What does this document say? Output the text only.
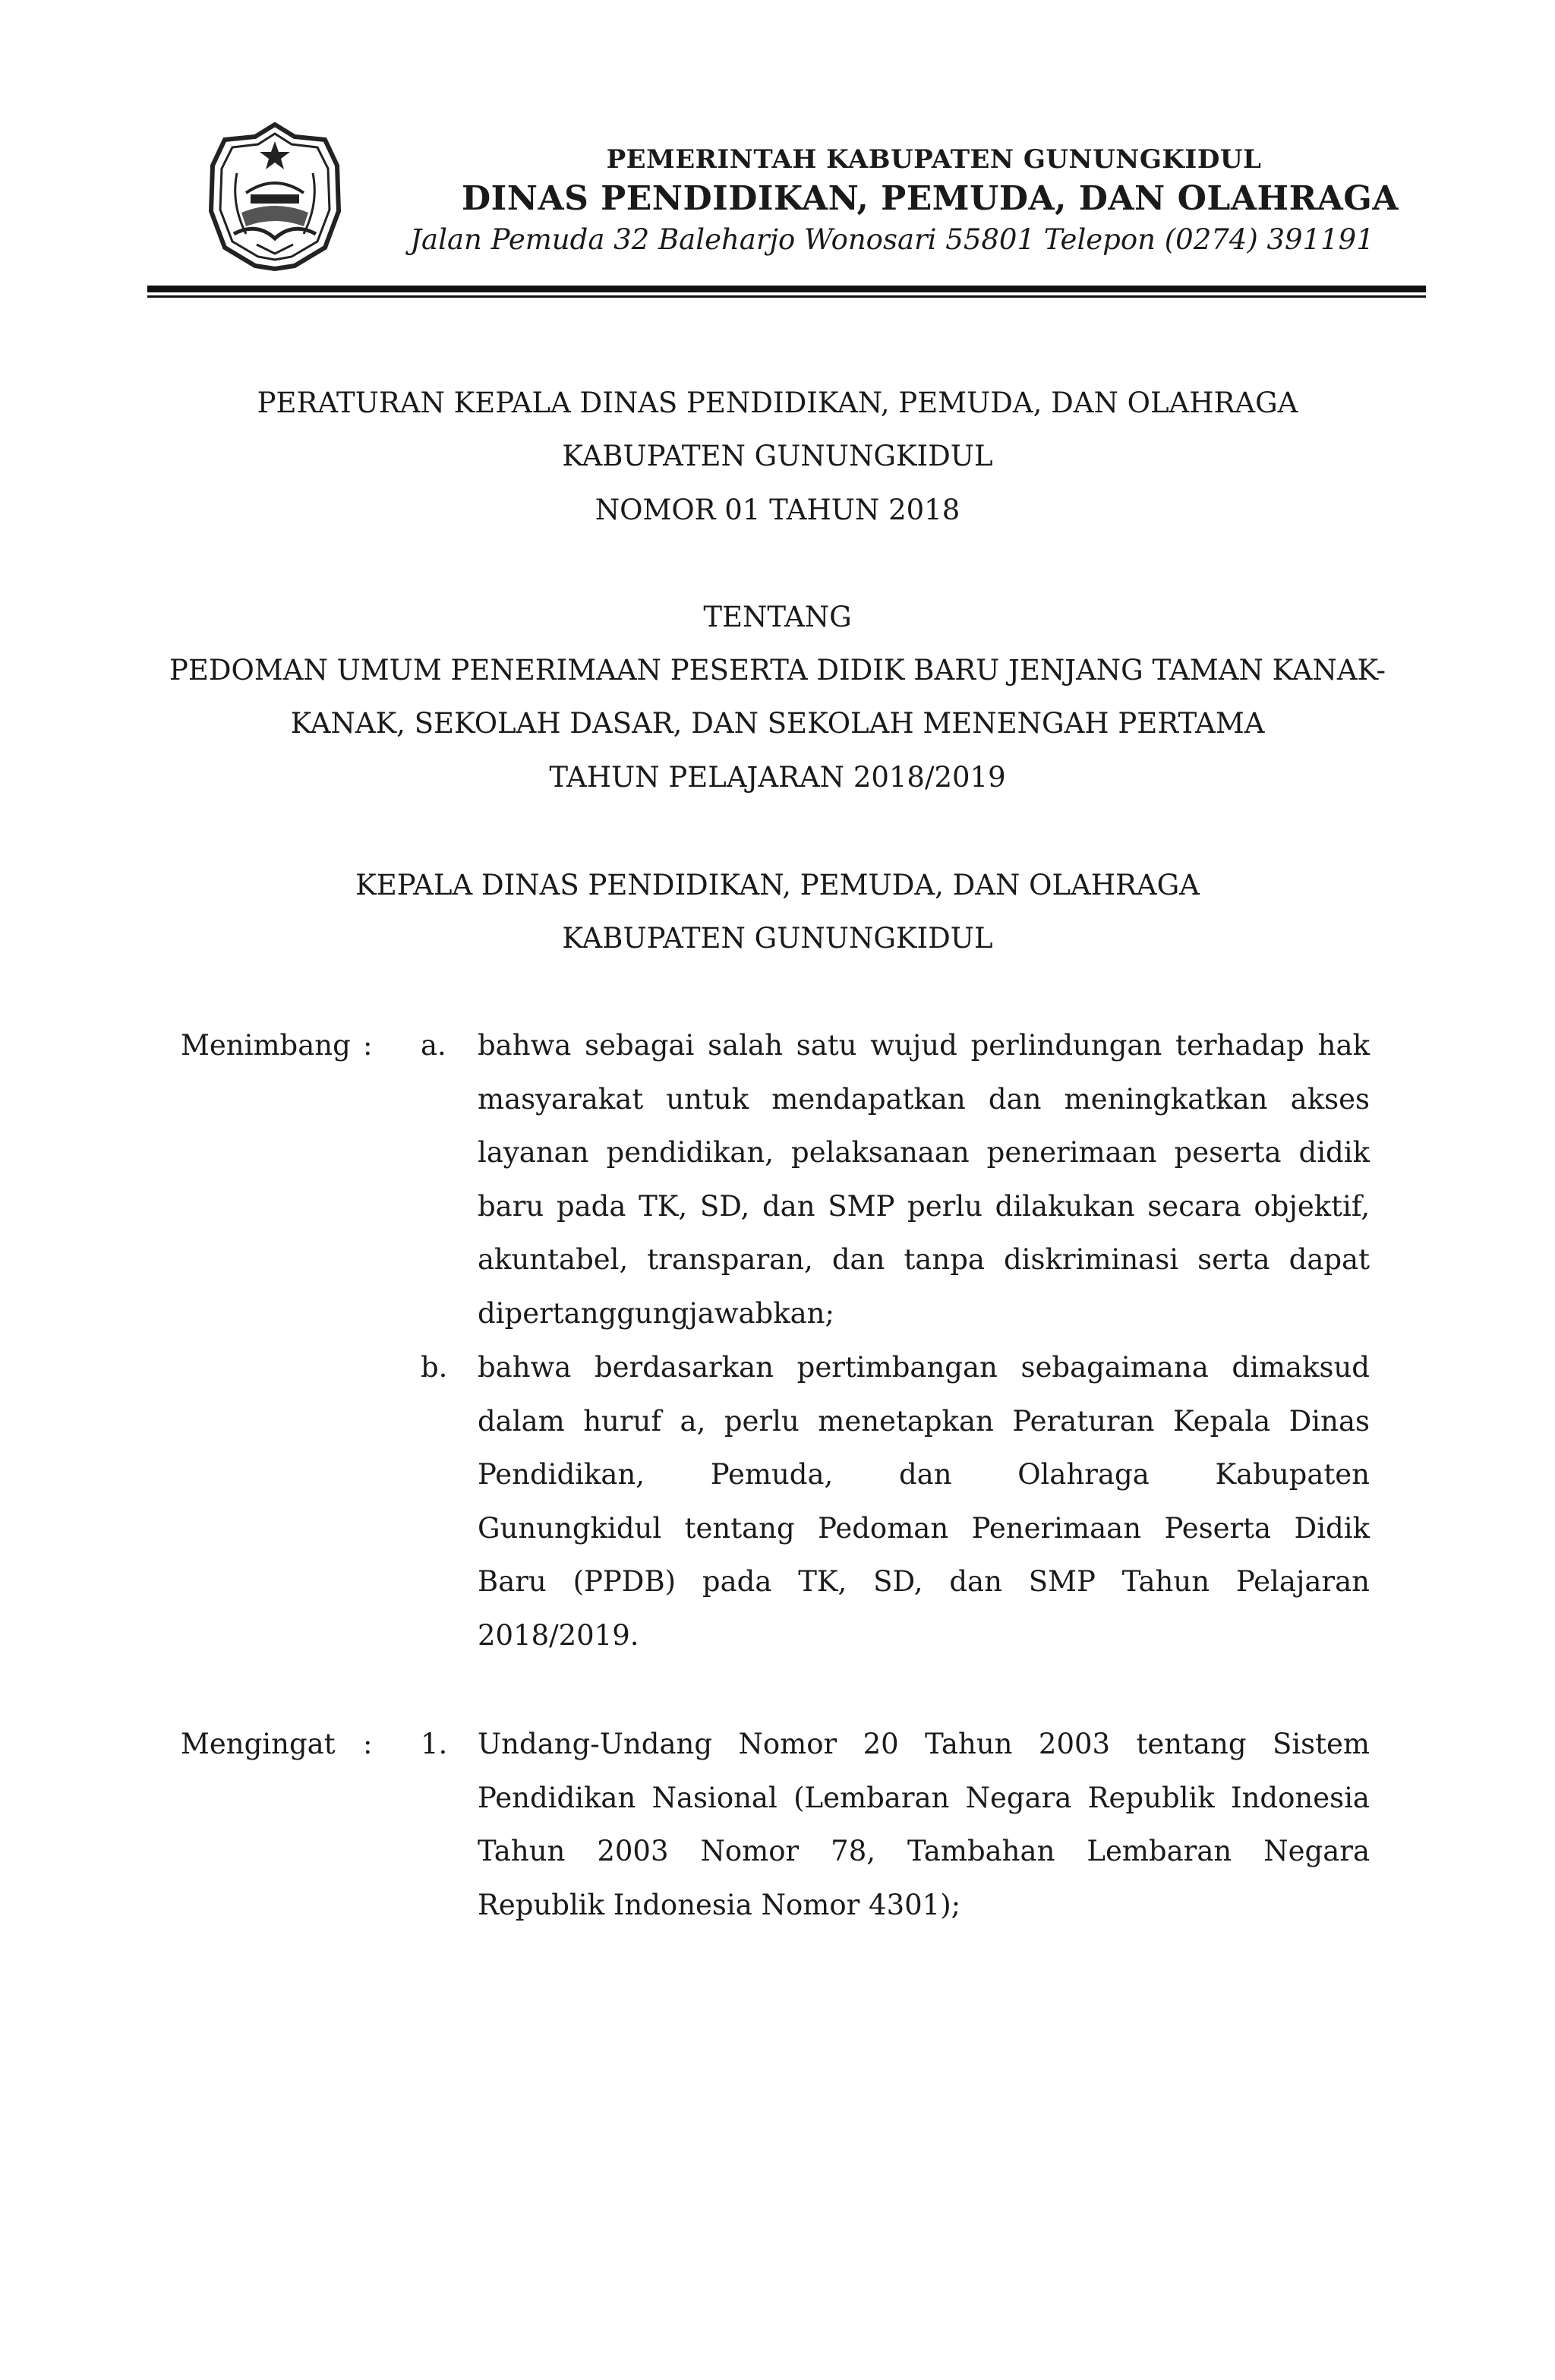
PEMERINTAH KABUPATEN GUNUNGKIDUL
DINAS PENDIDIKAN, PEMUDA, DAN OLAHRAGA
Jalan Pemuda 32 Baleharjo Wonosari 55801 Telepon (0274) 391191
PERATURAN KEPALA DINAS PENDIDIKAN, PEMUDA, DAN OLAHRAGA
KABUPATEN GUNUNGKIDUL
NOMOR 01 TAHUN 2018
TENTANG
PEDOMAN UMUM PENERIMAAN PESERTA DIDIK BARU JENJANG TAMAN KANAK-
KANAK, SEKOLAH DASAR, DAN SEKOLAH MENENGAH PERTAMA
TAHUN PELAJARAN 2018/2019
KEPALA DINAS PENDIDIKAN, PEMUDA, DAN OLAHRAGA
KABUPATEN GUNUNGKIDUL
Menimbang : a. bahwa sebagai salah satu wujud perlindungan terhadap hak
masyarakat untuk mendapatkan dan meningkatkan akses
layanan pendidikan, pelaksanaan penerimaan peserta didik
baru pada TK, SD, dan SMP perlu dilakukan secara objektif,
akuntabel, transparan, dan tanpa diskriminasi serta dapat
dipertanggungjawabkan;
b. bahwa berdasarkan pertimbangan sebagaimana dimaksud
dalam huruf a, perlu menetapkan Peraturan Kepala Dinas
Pendidikan, Pemuda, dan Olahraga Kabupaten
Gunungkidul tentang Pedoman Penerimaan Peserta Didik
Baru (PPDB) pada TK, SD, dan SMP Tahun Pelajaran
2018/2019.
Mengingat : 1. Undang-Undang Nomor 20 Tahun 2003 tentang Sistem
Pendidikan Nasional (Lembaran Negara Republik Indonesia
Tahun 2003 Nomor 78, Tambahan Lembaran Negara
Republik Indonesia Nomor 4301);
